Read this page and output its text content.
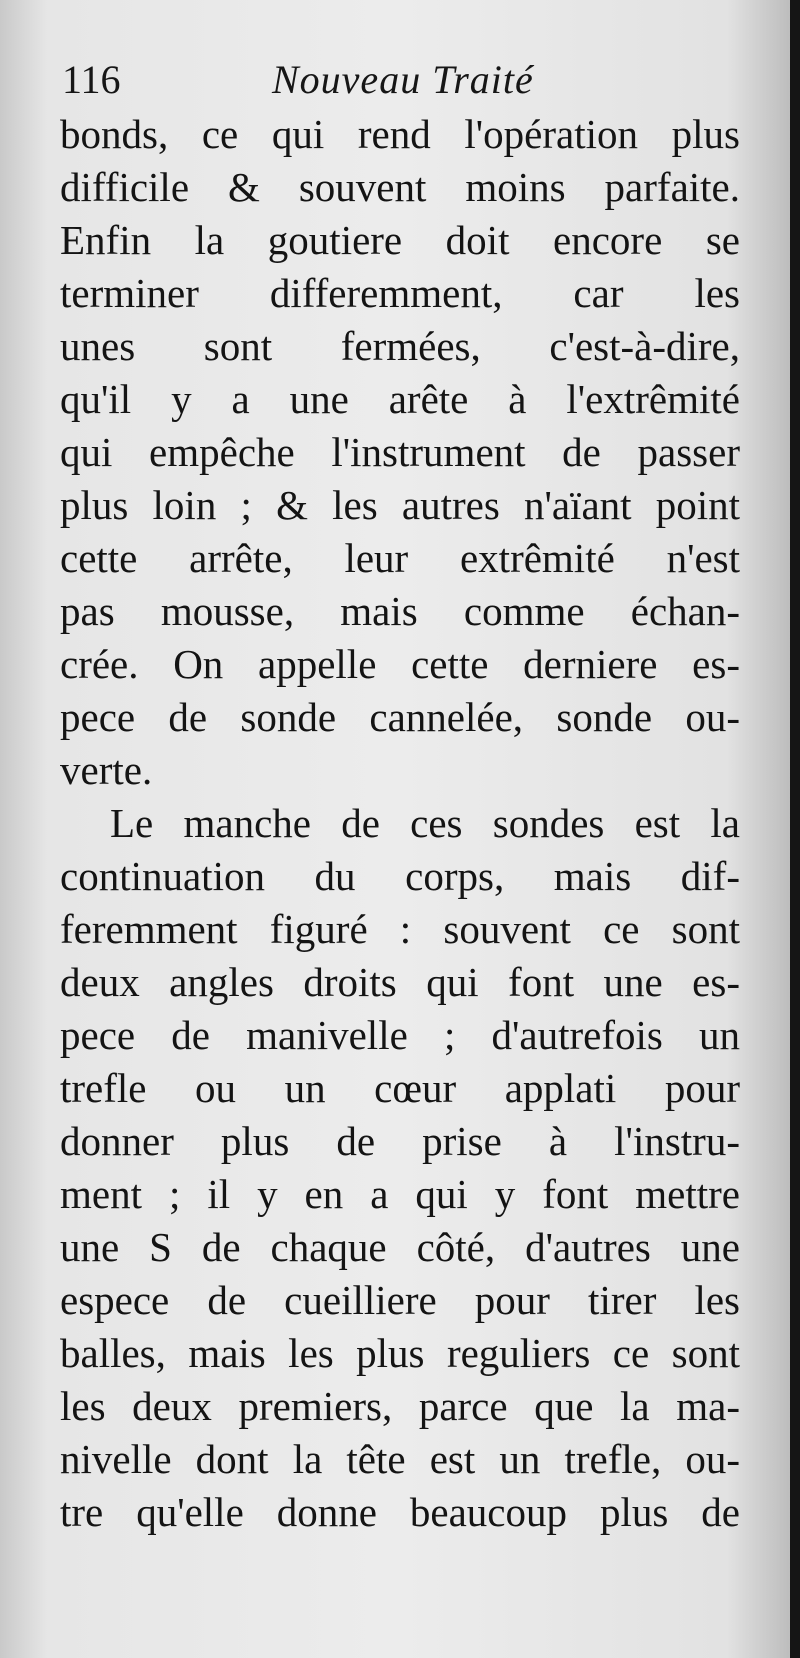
116	Nouveau Traité
bonds, ce qui rend l'opération plus
difficile & souvent moins parfaite.
Enfin la goutiere doit encore se
terminer differemment, car les
unes sont fermées, c'est-à-dire,
qu'il y a une arête à l'extrêmité
qui empêche l'instrument de passer
plus loin ; & les autres n'aïant point
cette arrête, leur extrêmité n'est
pas mousse, mais comme échan-
crée. On appelle cette derniere es-
pece de sonde cannelée, sonde ou-
verte.
Le manche de ces sondes est la
continuation du corps, mais dif-
feremment figuré : souvent ce sont
deux angles droits qui font une es-
pece de manivelle ; d'autrefois un
trefle ou un cœur applati pour
donner plus de prise à l'instru-
ment ; il y en a qui y font mettre
une S de chaque côté, d'autres une
espece de cueilliere pour tirer les
balles, mais les plus reguliers ce sont
les deux premiers, parce que la ma-
nivelle dont la tête est un trefle, ou-
tre qu'elle donne beaucoup plus de
